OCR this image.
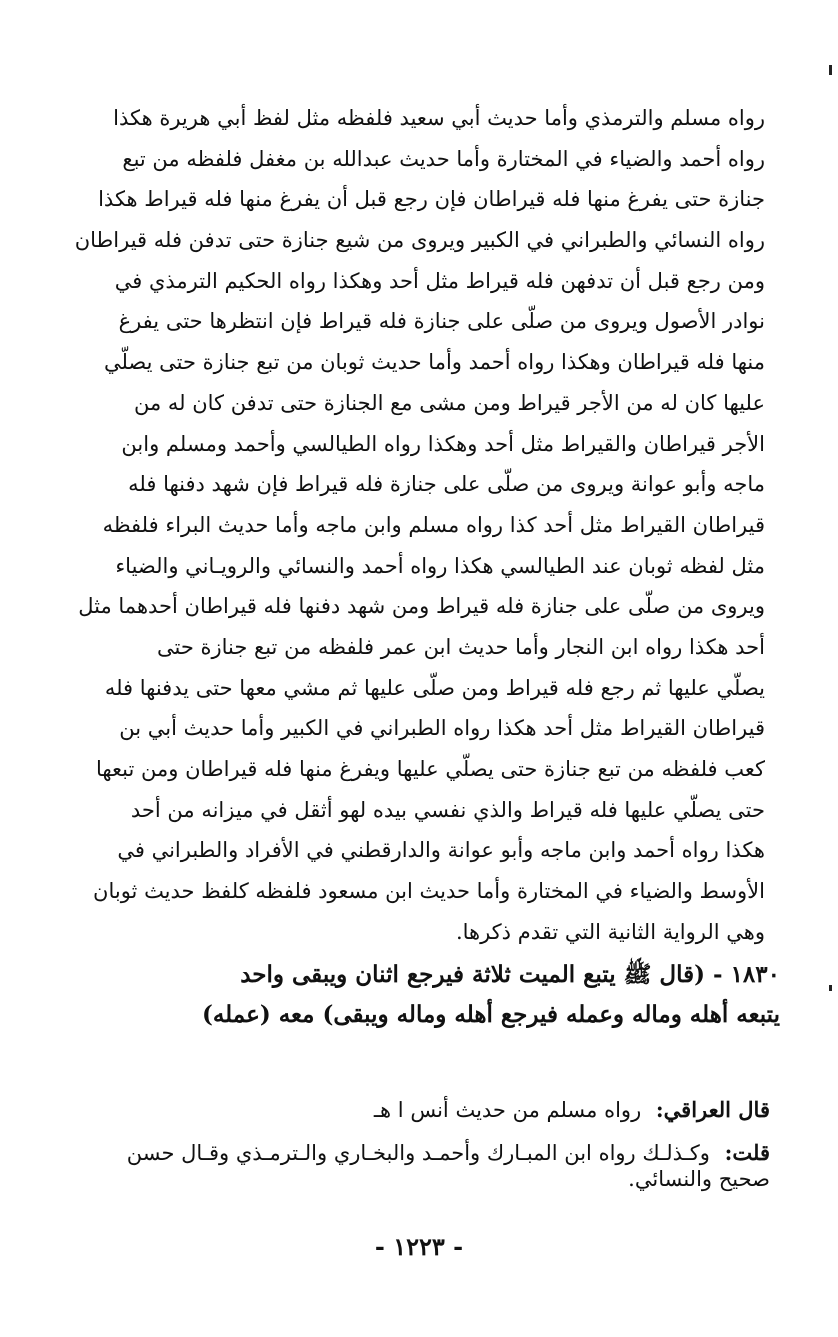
رواه مسلم والترمذي وأما حديث أبي سعيد فلفظه مثل لفظ أبي هريرة هكذا
رواه أحمد والضياء في المختارة وأما حديث عبدالله بن مغفل فلفظه من تبع
جنازة حتى يفرغ منها فله قيراطان فإن رجع قبل أن يفرغ منها فله قيراط هكذا
رواه النسائي والطبراني في الكبير ويروى من شيع جنازة حتى تدفن فله قيراطان
ومن رجع قبل أن تدفهن فله قيراط مثل أحد وهكذا رواه الحكيم الترمذي في
نوادر الأصول ويروى من صلّى على جنازة فله قيراط فإن انتظرها حتى يفرغ
منها فله قيراطان وهكذا رواه أحمد وأما حديث ثوبان من تبع جنازة حتى يصلّي
عليها كان له من الأجر قيراط ومن مشى مع الجنازة حتى تدفن كان له من
الأجر قيراطان والقيراط مثل أحد وهكذا رواه الطيالسي وأحمد ومسلم وابن
ماجه وأبو عوانة ويروى من صلّى على جنازة فله قيراط فإن شهد دفنها فله
قيراطان القيراط مثل أحد كذا رواه مسلم وابن ماجه وأما حديث البراء فلفظه
مثل لفظه ثوبان عند الطيالسي هكذا رواه أحمد والنسائي والرويـاني والضياء
ويروى من صلّى على جنازة فله قيراط ومن شهد دفنها فله قيراطان أحدهما مثل
أحد هكذا رواه ابن النجار وأما حديث ابن عمر فلفظه من تبع جنازة حتى
يصلّي عليها ثم رجع فله قيراط ومن صلّى عليها ثم مشي معها حتى يدفنها فله
قيراطان القيراط مثل أحد هكذا رواه الطبراني في الكبير وأما حديث أبي بن
كعب فلفظه من تبع جنازة حتى يصلّي عليها ويفرغ منها فله قيراطان ومن تبعها
حتى يصلّي عليها فله قيراط والذي نفسي بيده لهو أثقل في ميزانه من أحد
هكذا رواه أحمد وابن ماجه وأبو عوانة والدارقطني في الأفراد والطبراني في
الأوسط والضياء في المختارة وأما حديث ابن مسعود فلفظه كلفظ حديث ثوبان
وهي الرواية الثانية التي تقدم ذكرها.
١٨٣٠ - (قال ﷺ يتبع الميت ثلاثة فيرجع اثنان ويبقى واحد
يتبعه أهله وماله وعمله فيرجع أهله وماله ويبقى) معه (عمله)
قال العراقي: رواه مسلم من حديث أنس ا هـ
قلت: وكـذلـك رواه ابن المبـارك وأحمـد والبخـاري والـترمـذي وقـال حسن
صحيح والنسائي.
- ١٢٢٣ -
